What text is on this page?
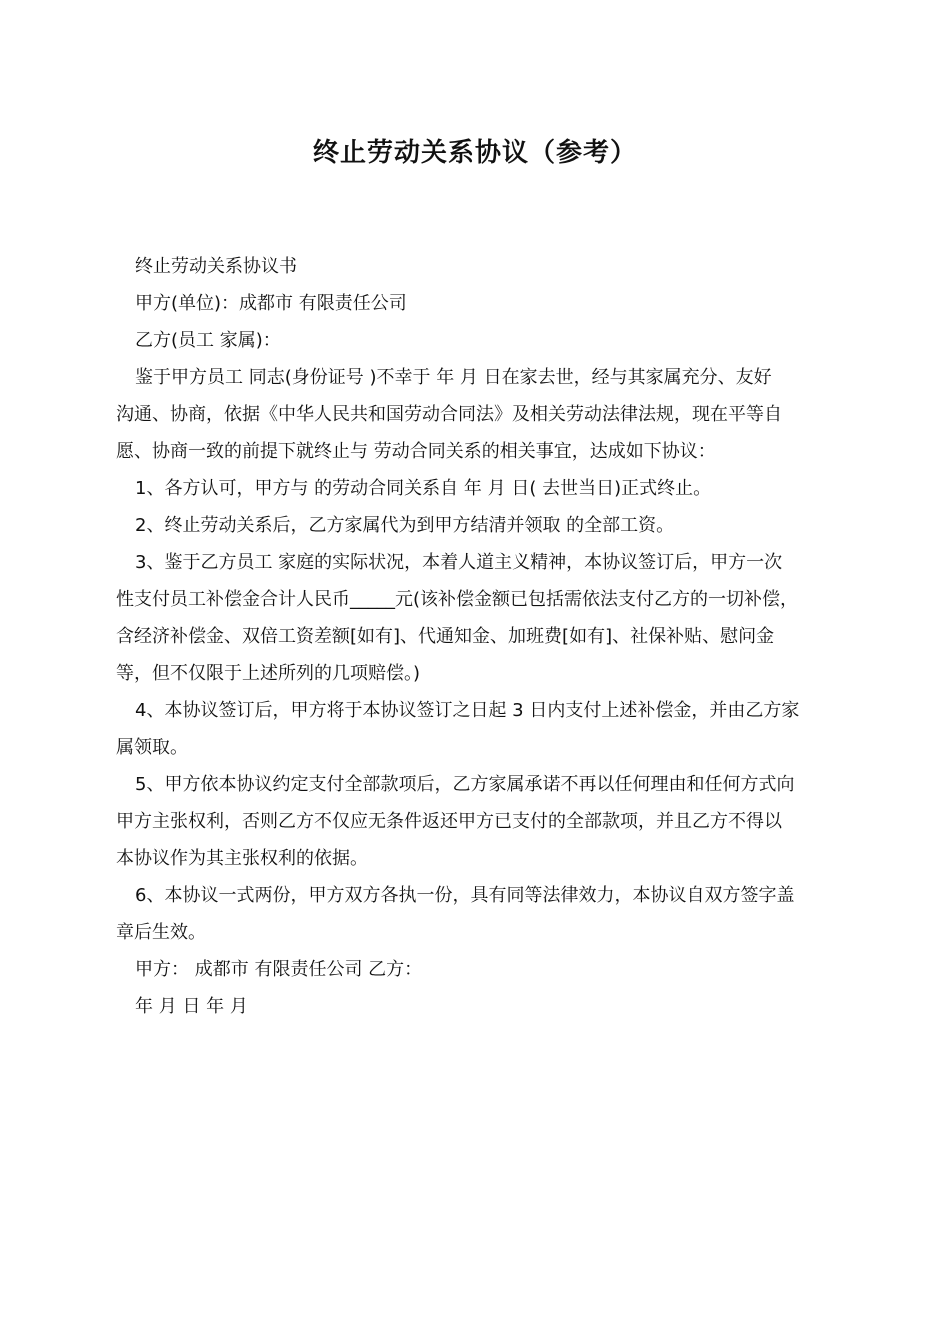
终止劳动关系协议（参考）

终止劳动关系协议书

甲方(单位)：成都市 有限责任公司

乙方(员工 家属)：

鉴于甲方员工 同志(身份证号 )不幸于 年 月 日在家去世，经与其家属充分、友好

沟通、协商，依据《中华人民共和国劳动合同法》及相关劳动法律法规，现在平等自

愿、协商一致的前提下就终止与 劳动合同关系的相关事宜，达成如下协议：

1、各方认可，甲方与 的劳动合同关系自 年 月 日( 去世当日)正式终止。

2、终止劳动关系后，乙方家属代为到甲方结清并领取 的全部工资。

3、鉴于乙方员工 家庭的实际状况，本着人道主义精神，本协议签订后，甲方一次

性支付员工补偿金合计人民币_____元(该补偿金额已包括需依法支付乙方的一切补偿，

含经济补偿金、双倍工资差额[如有]、代通知金、加班费[如有]、社保补贴、慰问金

等，但不仅限于上述所列的几项赔偿。)

4、本协议签订后，甲方将于本协议签订之日起 3 日内支付上述补偿金，并由乙方家

属领取。

5、甲方依本协议约定支付全部款项后，乙方家属承诺不再以任何理由和任何方式向

甲方主张权利，否则乙方不仅应无条件返还甲方已支付的全部款项，并且乙方不得以

本协议作为其主张权利的依据。

6、本协议一式两份，甲方双方各执一份，具有同等法律效力，本协议自双方签字盖

章后生效。

甲方： 成都市 有限责任公司 乙方：

年 月 日 年 月
